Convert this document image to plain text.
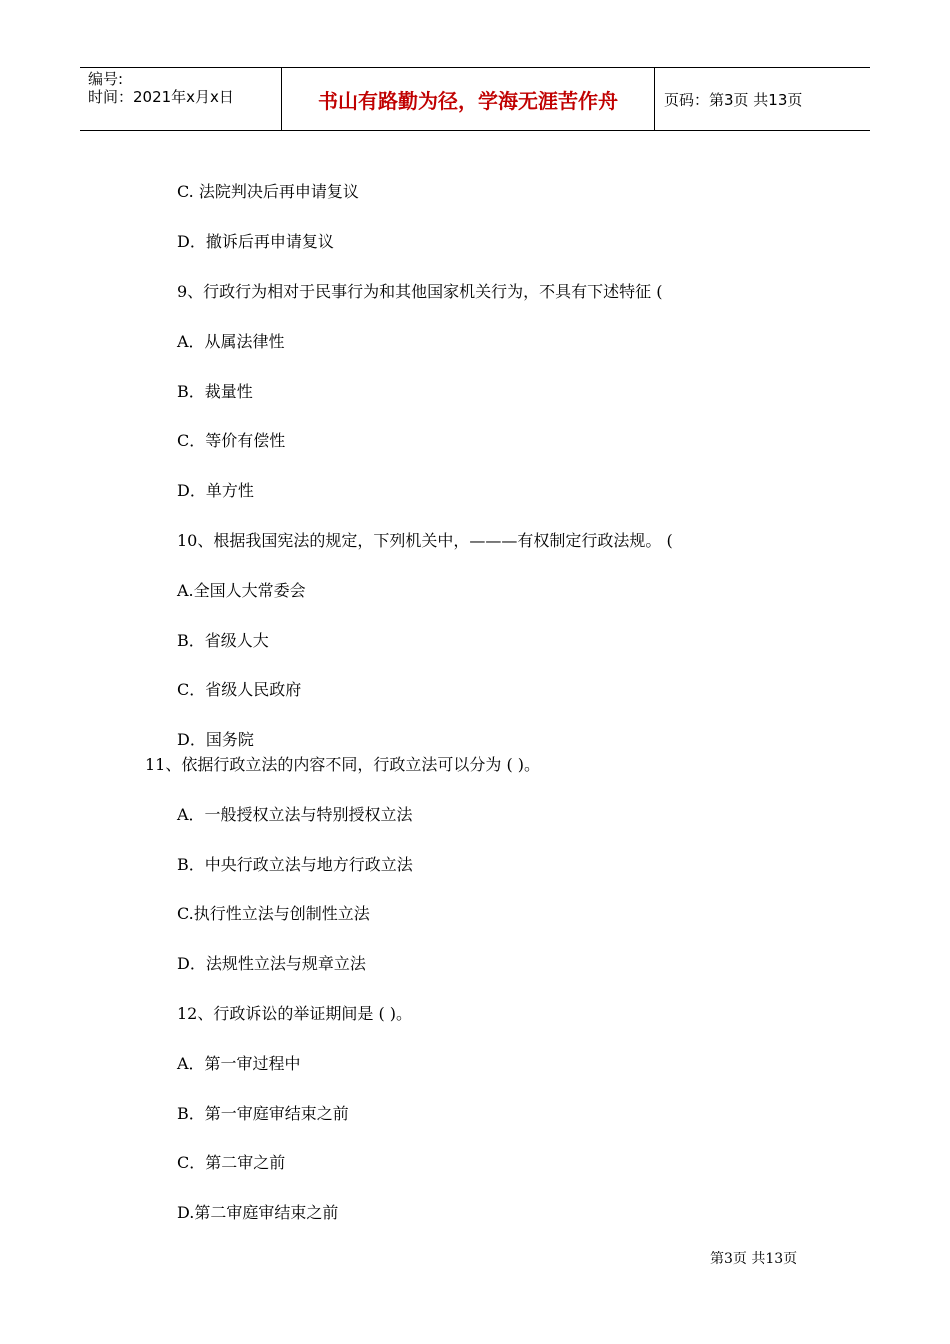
编号:
时间：2021年x月x日	书山有路勤为径，学海无涯苦作舟	页码：第3页 共13页
C. 法院判决后再申请复议
D．撤诉后再申请复议
9、行政行为相对于民事行为和其他国家机关行为，不具有下述特征 (
A．从属法律性
B．裁量性
C．等价有偿性
D．单方性
10、根据我国宪法的规定，下列机关中，———有权制定行政法规。 (
A.全国人大常委会
B．省级人大
C．省级人民政府
D．国务院
11、依据行政立法的内容不同，行政立法可以分为 ( )。
A．一般授权立法与特别授权立法
B．中央行政立法与地方行政立法
C.执行性立法与创制性立法
D．法规性立法与规章立法
12、行政诉讼的举证期间是 ( )。
A．第一审过程中
B．第一审庭审结束之前
C．第二审之前
D.第二审庭审结束之前
第3页 共13页
